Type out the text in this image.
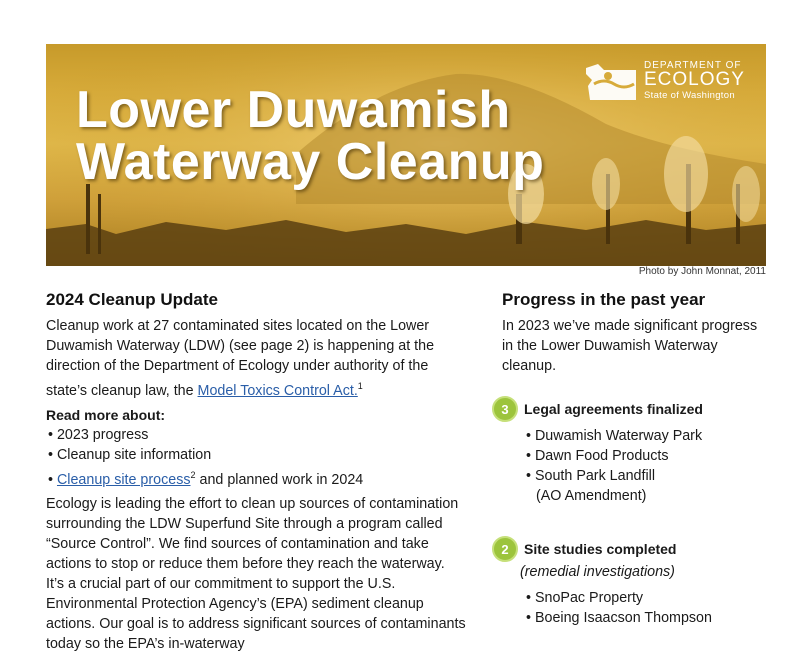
Lower Duwamish
Waterway Cleanup
DEPARTMENT OF
ECOLOGY
State of Washington
Photo by John Monnat, 2011
2024 Cleanup Update

Cleanup work at 27 contaminated sites located on the Lower Duwamish Waterway (LDW) (see page 2) is happening at the direction of the Department of Ecology under authority of the state’s cleanup law, the Model Toxics Control Act.$^1$

Read more about:
• 2023 progress
• Cleanup site information
• Cleanup site process$^2$ and planned work in 2024

Ecology is leading the effort to clean up sources of contamination surrounding the LDW Superfund Site through a program called “Source Control”. We find sources of contamination and take actions to stop or reduce them before they reach the waterway. It’s a crucial part of our commitment to support the U.S. Environmental Protection Agency’s (EPA) sediment cleanup actions. Our goal is to address significant sources of contaminants today so the EPA’s in-waterway

Progress in the past year

In 2023 we’ve made significant progress in the Lower Duwamish Waterway cleanup.

3	Legal agreements finalized
• Duwamish Waterway Park
• Dawn Food Products
• South Park Landfill
(AO Amendment)
2	Site studies completed
(remedial investigations)
• SnoPac Property
• Boeing Isaacson Thompson
